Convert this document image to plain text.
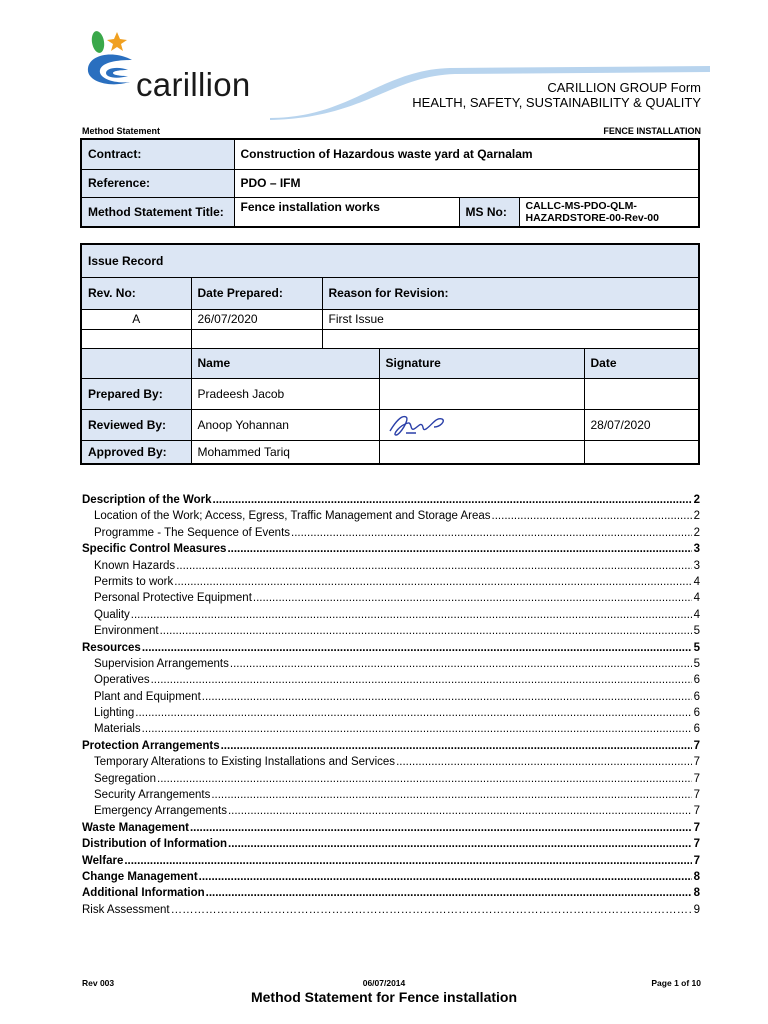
carillion	CARILLION GROUP Form
HEALTH, SAFETY, SUSTAINABILITY & QUALITY
Method Statement	FENCE INSTALLATION
Contract:	Construction of Hazardous waste yard at Qarnalam		
Reference:	PDO – IFM		
Method Statement Title:	Fence installation works	MS No:	CALLC-MS-PDO-QLM-
HAZARDSTORE-00-Rev-00
Issue Record				
Rev. No:	Date Prepared:	Reason for Revision:		
A	26/07/2020	First Issue		

	Name		Signature	Date
Prepared By:	Pradeesh Jacob			
Reviewed By:	Anoop Yohannan			28/07/2020
Approved By:	Mohammed Tariq			
Description of the Work .....	2
Location of the Work; Access, Egress, Traffic Management and Storage Areas .....	2
Programme - The Sequence of Events .....	2
Specific Control Measures .....	3
Known Hazards .....	3
Permits to work .....	4
Personal Protective Equipment .....	4
Quality .....	4
Environment .....	5
Resources .....	5
Supervision Arrangements .....	5
Operatives .....	6
Plant and Equipment .....	6
Lighting .....	6
Materials .....	6
Protection Arrangements .....	7
Temporary Alterations to Existing Installations and Services .....	7
Segregation .....	7
Security Arrangements .....	7
Emergency Arrangements .....	7
Waste Management .....	7
Distribution of Information .....	7
Welfare .....	7
Change Management .....	8
Additional Information .....	8
Risk Assessment …………………………………………………………………………………………………………………………………………………	9
Rev 003	06/07/2014	Page 1 of 10
Method Statement for Fence installation
